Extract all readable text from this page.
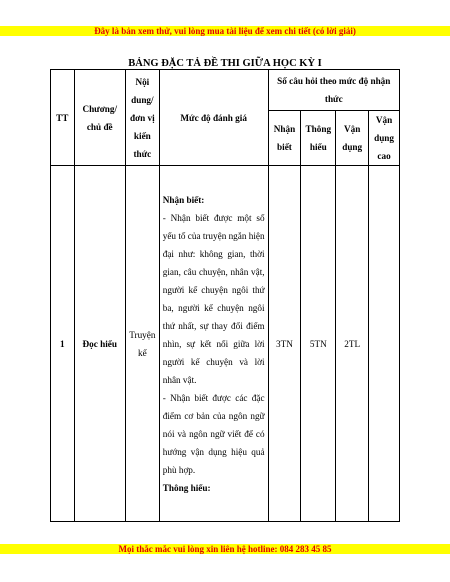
Đây là bản xem thử, vui lòng mua tài liệu để xem chi tiết (có lời giải)
BẢNG ĐẶC TẢ ĐỀ THI GIỮA HỌC KỲ I
TT	Chương/ chủ đề	Nội dung/ đơn vị kiến thức	Mức độ đánh giá	Số câu hỏi theo mức độ nhận thức			
				Nhận biết	Thông hiểu	Vận dụng	Vận dụng cao
1	Đọc hiểu	Truyện kể	Nhận biết:

- Nhận biết được một số yếu tố của truyện ngắn hiện đại như: không gian, thời gian, câu chuyện, nhân vật, người kể chuyện ngôi thứ ba, người kể chuyện ngôi thứ nhất, sự thay đổi điểm nhìn, sự kết nối giữa lời người kể chuyện và lời nhân vật.

- Nhận biết được các đặc điểm cơ bản của ngôn ngữ nói và ngôn ngữ viết để có hướng vận dụng hiệu quả phù hợp.

Thông hiểu:	3TN	5TN	2TL	
Mọi thắc mắc vui lòng xin liên hệ hotline: 084 283 45 85
